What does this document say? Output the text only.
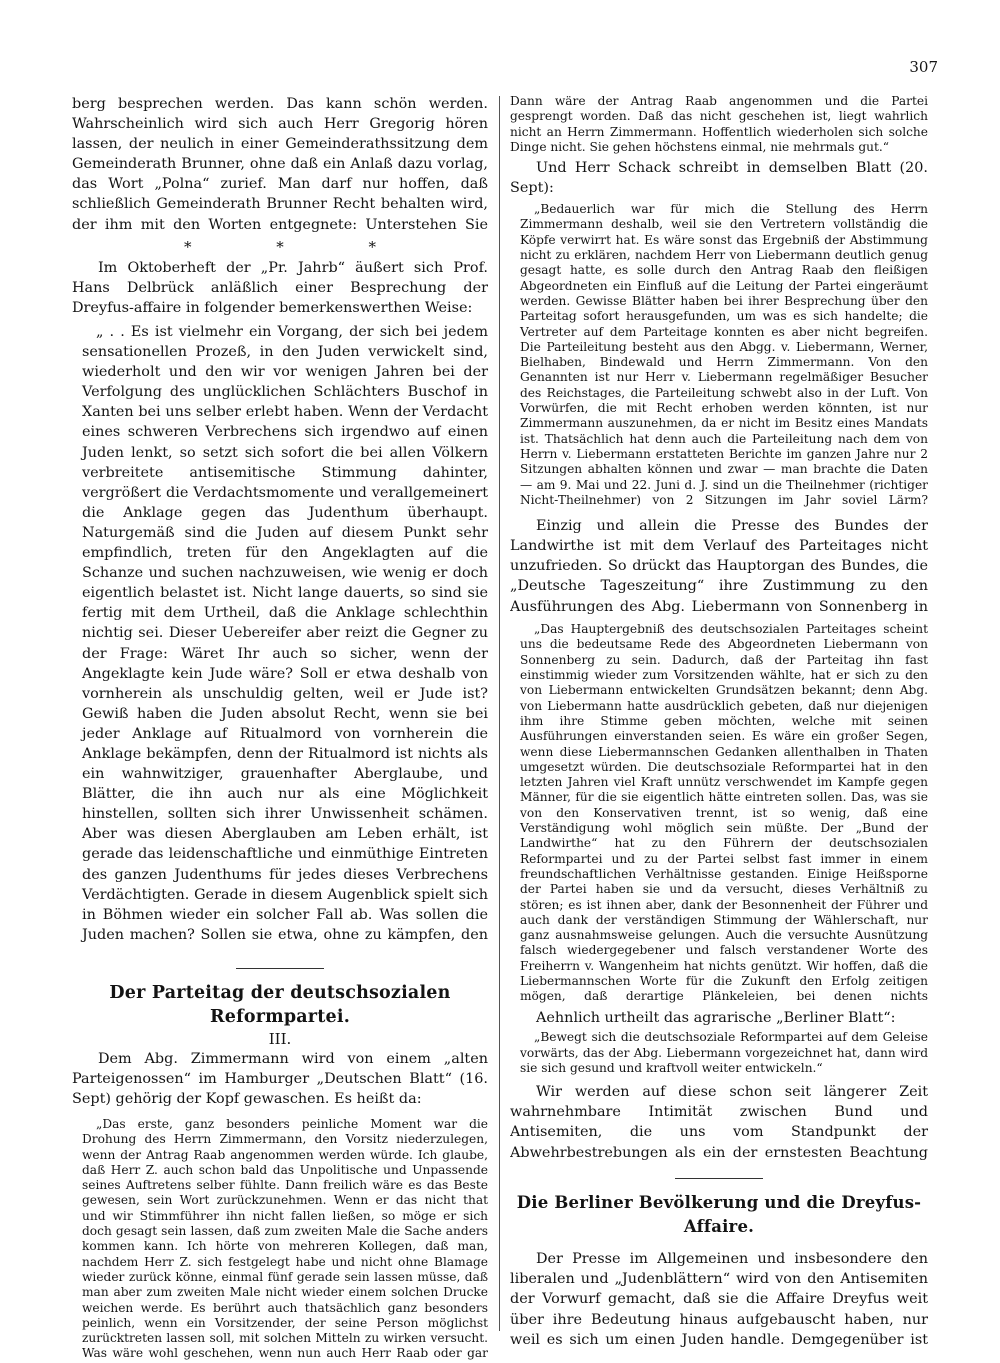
307

berg besprechen werden. Das kann schön werden. Wahrscheinlich wird sich auch Herr Gregorig hören lassen, der neulich in einer Gemeinderathssitzung dem Gemeinderath Brunner, ohne daß ein Anlaß dazu vorlag, das Wort „Polna“ zurief. Man darf nur hoffen, daß schließlich Gemeinderath Brunner Recht behalten wird, der ihm mit den Worten entgegnete: Unterstehen Sie

* * *

Im Oktoberheft der „Pr. Jahrb“ äußert sich Prof. Hans Delbrück anläßlich einer Besprechung der Dreyfus-affaire in folgender bemerkenswerthen Weise:

„ . . Es ist vielmehr ein Vorgang, der sich bei jedem sensationellen Prozeß, in den Juden verwickelt sind, wiederholt und den wir vor wenigen Jahren bei der Verfolgung des unglücklichen Schlächters Buschof in Xanten bei uns selber erlebt haben. Wenn der Verdacht eines schweren Verbrechens sich irgendwo auf einen Juden lenkt, so setzt sich sofort die bei allen Völkern verbreitete antisemitische Stimmung dahinter, vergrößert die Verdachtsmomente und verallgemeinert die Anklage gegen das Judenthum überhaupt. Naturgemäß sind die Juden auf diesem Punkt sehr empfindlich, treten für den Angeklagten auf die Schanze und suchen nachzuweisen, wie wenig er doch eigentlich belastet ist. Nicht lange dauerts, so sind sie fertig mit dem Urtheil, daß die Anklage schlechthin nichtig sei. Dieser Uebereifer aber reizt die Gegner zu der Frage: Wäret Ihr auch so sicher, wenn der Angeklagte kein Jude wäre? Soll er etwa deshalb von vornherein als unschuldig gelten, weil er Jude ist? Gewiß haben die Juden absolut Recht, wenn sie bei jeder Anklage auf Ritualmord von vornherein die Anklage bekämpfen, denn der Ritualmord ist nichts als ein wahnwitziger, grauenhafter Aberglaube, und Blätter, die ihn auch nur als eine Möglichkeit hinstellen, sollten sich ihrer Unwissenheit schämen. Aber was diesen Aberglauben am Leben erhält, ist gerade das leidenschaftliche und einmüthige Eintreten des ganzen Judenthums für jedes dieses Verbrechens Verdächtigten. Gerade in diesem Augenblick spielt sich in Böhmen wieder ein solcher Fall ab. Was sollen die Juden machen? Sollen sie etwa, ohne zu kämpfen, den

Der Parteitag der deutschsozialen Reformpartei.

III.

Dem Abg. Zimmermann wird von einem „alten Parteigenossen“ im Hamburger „Deutschen Blatt“ (16. Sept) gehörig der Kopf gewaschen. Es heißt da:

„Das erste, ganz besonders peinliche Moment war die Drohung des Herrn Zimmermann, den Vorsitz niederzulegen, wenn der Antrag Raab angenommen werden würde. Ich glaube, daß Herr Z. auch schon bald das Unpolitische und Unpassende seines Auftretens selber fühlte. Dann freilich wäre es das Beste gewesen, sein Wort zurückzunehmen. Wenn er das nicht that und wir Stimmführer ihn nicht fallen ließen, so möge er sich doch gesagt sein lassen, daß zum zweiten Male die Sache anders kommen kann. Ich hörte von mehreren Kollegen, daß man, nachdem Herr Z. sich festgelegt habe und nicht ohne Blamage wieder zurück könne, einmal fünf gerade sein lassen müsse, daß man aber zum zweiten Male nicht wieder einem solchen Drucke weichen werde. Es berührt auch thatsächlich ganz besonders peinlich, wenn ein Vorsitzender, der seine Person möglichst zurücktreten lassen soll, mit solchen Mitteln zu wirken versucht. Was wäre wohl geschehen, wenn nun auch Herr Raab oder gar

Dann wäre der Antrag Raab angenommen und die Partei gesprengt worden. Daß das nicht geschehen ist, liegt wahrlich nicht an Herrn Zimmermann. Hoffentlich wiederholen sich solche Dinge nicht. Sie gehen höchstens einmal, nie mehrmals gut.“

Und Herr Schack schreibt in demselben Blatt (20. Sept):

„Bedauerlich war für mich die Stellung des Herrn Zimmermann deshalb, weil sie den Vertretern vollständig die Köpfe verwirrt hat. Es wäre sonst das Ergebniß der Abstimmung nicht zu erklären, nachdem Herr von Liebermann deutlich genug gesagt hatte, es solle durch den Antrag Raab den fleißigen Abgeordneten ein Einfluß auf die Leitung der Partei eingeräumt werden. Gewisse Blätter haben bei ihrer Besprechung über den Parteitag sofort herausgefunden, um was es sich handelte; die Vertreter auf dem Parteitage konnten es aber nicht begreifen. Die Parteileitung besteht aus den Abgg. v. Liebermann, Werner, Bielhaben, Bindewald und Herrn Zimmermann. Von den Genannten ist nur Herr v. Liebermann regelmäßiger Besucher des Reichstages, die Parteileitung schwebt also in der Luft. Von Vorwürfen, die mit Recht erhoben werden könnten, ist nur Zimmermann auszunehmen, da er nicht im Besitz eines Mandats ist. Thatsächlich hat denn auch die Parteileitung nach dem von Herrn v. Liebermann erstatteten Berichte im ganzen Jahre nur 2 Sitzungen abhalten können und zwar — man brachte die Daten — am 9. Mai und 22. Juni d. J. sind un die Theilnehmer (richtiger Nicht-Theilnehmer) von 2 Sitzungen im Jahr soviel Lärm?

Einzig und allein die Presse des Bundes der Landwirthe ist mit dem Verlauf des Parteitages nicht unzufrieden. So drückt das Hauptorgan des Bundes, die „Deutsche Tageszeitung“ ihre Zustimmung zu den Ausführungen des Abg. Liebermann von Sonnenberg in

„Das Hauptergebniß des deutschsozialen Parteitages scheint uns die bedeutsame Rede des Abgeordneten Liebermann von Sonnenberg zu sein. Dadurch, daß der Parteitag ihn fast einstimmig wieder zum Vorsitzenden wählte, hat er sich zu den von Liebermann entwickelten Grundsätzen bekannt; denn Abg. von Liebermann hatte ausdrücklich gebeten, daß nur diejenigen ihm ihre Stimme geben möchten, welche mit seinen Ausführungen einverstanden seien. Es wäre ein großer Segen, wenn diese Liebermannschen Gedanken allenthalben in Thaten umgesetzt würden. Die deutschsoziale Reformpartei hat in den letzten Jahren viel Kraft unnütz verschwendet im Kampfe gegen Männer, für die sie eigentlich hätte eintreten sollen. Das, was sie von den Konservativen trennt, ist so wenig, daß eine Verständigung wohl möglich sein müßte. Der „Bund der Landwirthe“ hat zu den Führern der deutschsozialen Reformpartei und zu der Partei selbst fast immer in einem freundschaftlichen Verhältnisse gestanden. Einige Heißsporne der Partei haben sie und da versucht, dieses Verhältniß zu stören; es ist ihnen aber, dank der Besonnenheit der Führer und auch dank der verständigen Stimmung der Wählerschaft, nur ganz ausnahmsweise gelungen. Auch die versuchte Ausnützung falsch wiedergegebener und falsch verstandener Worte des Freiherrn v. Wangenheim hat nichts genützt. Wir hoffen, daß die Liebermannschen Worte für die Zukunft den Erfolg zeitigen mögen, daß derartige Plänkeleien, bei denen nichts

Aehnlich urtheilt das agrarische „Berliner Blatt“:

„Bewegt sich die deutschsoziale Reformpartei auf dem Geleise vorwärts, das der Abg. Liebermann vorgezeichnet hat, dann wird sie sich gesund und kraftvoll weiter entwickeln.“

Wir werden auf diese schon seit längerer Zeit wahrnehmbare Intimität zwischen Bund und Antisemiten, die uns vom Standpunkt der Abwehrbestrebungen als ein der ernstesten Beachtung

Die Berliner Bevölkerung und die Dreyfus-Affaire.

Der Presse im Allgemeinen und insbesondere den liberalen und „Judenblättern“ wird von den Antisemiten der Vorwurf gemacht, daß sie die Affaire Dreyfus weit über ihre Bedeutung hinaus aufgebauscht haben, nur weil es sich um einen Juden handle. Demgegenüber ist
